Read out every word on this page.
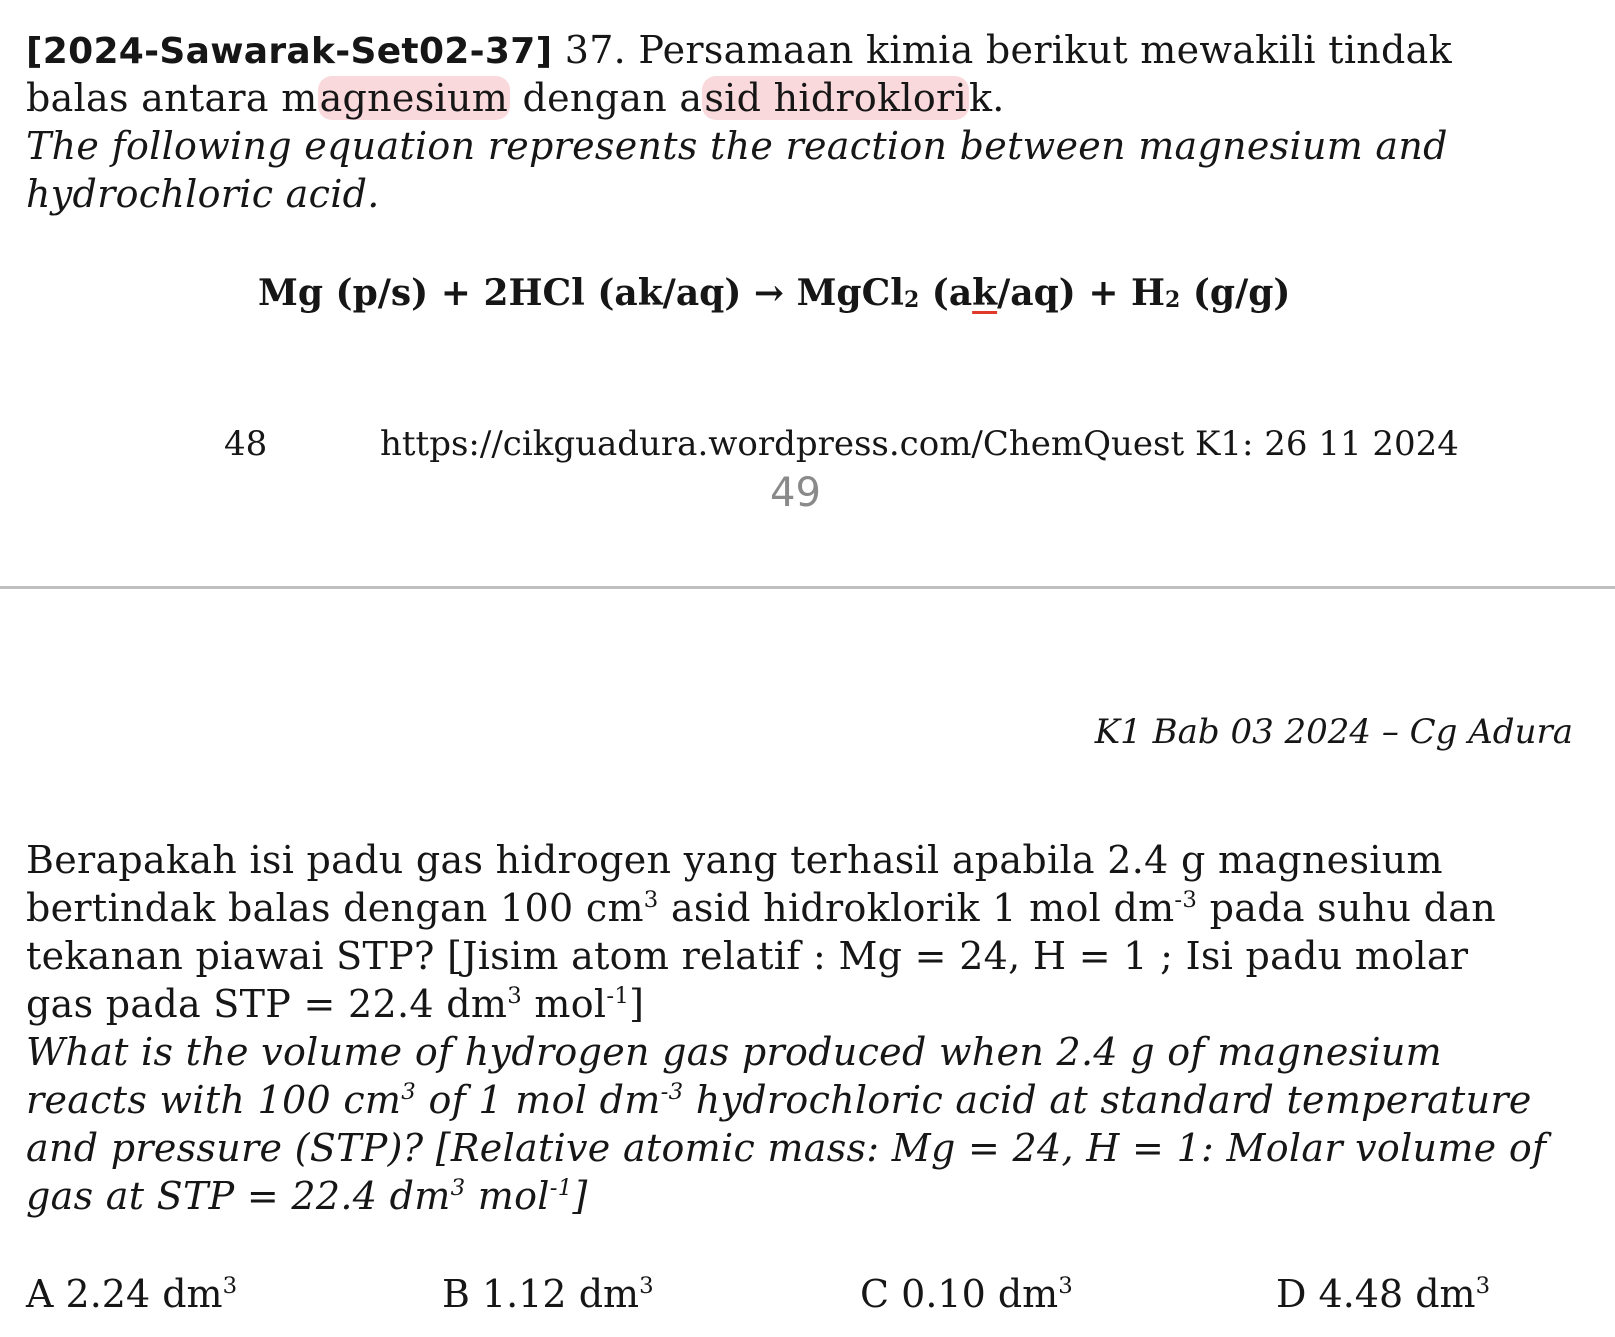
[2024-Sawarak-Set02-37] 37. Persamaan kimia berikut mewakili tindak
balas antara magnesium dengan asid hidroklorik.
The following equation represents the reaction between magnesium and
hydrochloric acid.
Mg (p/s) + 2HCl (ak/aq) → MgCl$_2$ $(ak/aq) + H_2$ (g/g)
48	https://cikguadura.wordpress.com/ChemQuest K1: 26 11 2024
49
K1 Bab 03 2024 – Cg Adura
Berapakah isi padu gas hidrogen yang terhasil apabila 2.4 g magnesium
bertindak balas dengan 100 $cm^3$ asid hidroklorik 1 mol $dm^{-3}$ pada suhu dan
tekanan piawai STP? [Jisim atom relatif : Mg = 24, H = 1 ; Isi padu molar
gas pada STP = 22.4 $dm^3$ mol$^{-1}$]
What is the volume of hydrogen gas produced when 2.4 g of magnesium
reacts with 100 $cm^3$ of 1 mol $dm^{-3}$ hydrochloric acid at standard temperature
and pressure (STP)? [Relative atomic mass: Mg = 24, H = 1: Molar volume of
gas at STP = 22.4 $dm^3$ mol$^{-1}$]
A 2.24 $dm^3$	B 1.12 $dm^3$	C 0.10 $dm^3$	D 4.48 $dm^3$
